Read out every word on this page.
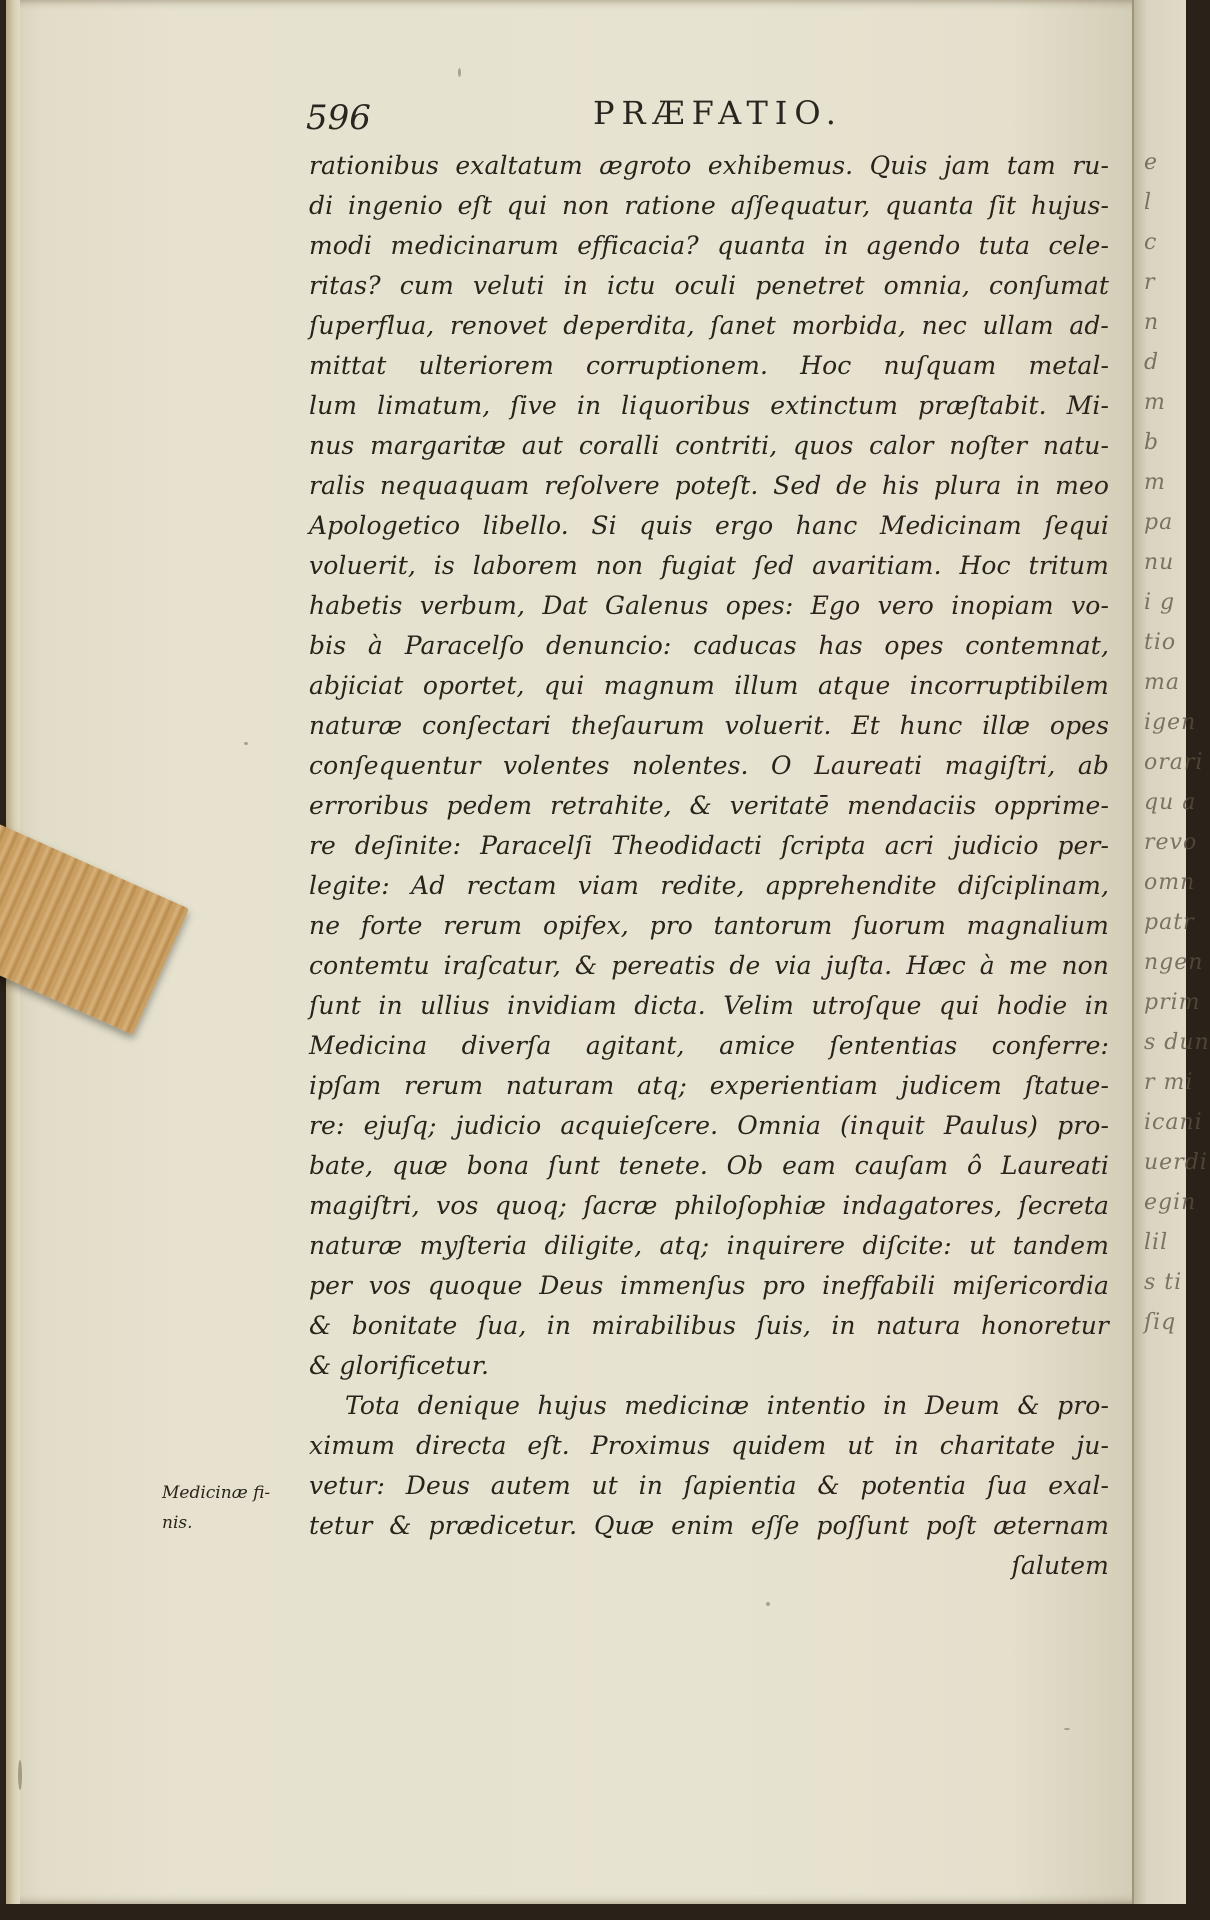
596	PRÆFATIO.
Medicinæ fi-
nis.
rationibus exaltatum ægroto exhibemus. Quis jam tam ru-
di ingenio eſt qui non ratione aſſequatur, quanta ſit hujus-
modi medicinarum efficacia? quanta in agendo tuta cele-
ritas? cum veluti in ictu oculi penetret omnia, conſumat
ſuperflua, renovet deperdita, ſanet morbida, nec ullam ad-
mittat ulteriorem corruptionem. Hoc nuſquam metal-
lum limatum, ſive in liquoribus extinctum præſtabit. Mi-
nus margaritæ aut coralli contriti, quos calor noſter natu-
ralis nequaquam reſolvere poteſt. Sed de his plura in meo
Apologetico libello. Si quis ergo hanc Medicinam ſequi
voluerit, is laborem non fugiat ſed avaritiam. Hoc tritum
habetis verbum, Dat Galenus opes: Ego vero inopiam vo-
bis à Paracelſo denuncio: caducas has opes contemnat,
abjiciat oportet, qui magnum illum atque incorruptibilem
naturæ conſectari theſaurum voluerit. Et hunc illæ opes
conſequentur volentes nolentes. O Laureati magiſtri, ab
erroribus pedem retrahite, & veritatē mendaciis opprime-
re deſinite: Paracelſi Theodidacti ſcripta acri judicio per-
legite: Ad rectam viam redite, apprehendite diſciplinam,
ne forte rerum opifex, pro tantorum ſuorum magnalium
contemtu iraſcatur, & pereatis de via juſta. Hæc à me non
ſunt in ullius invidiam dicta. Velim utroſque qui hodie in
Medicina diverſa agitant, amice ſententias conferre:
ipſam rerum naturam atq; experientiam judicem ſtatue-
re: ejuſq; judicio acquieſcere. Omnia (inquit Paulus) pro-
bate, quæ bona ſunt tenete. Ob eam cauſam ô Laureati
magiſtri, vos quoq; ſacræ philoſophiæ indagatores, ſecreta
naturæ myſteria diligite, atq; inquirere diſcite: ut tandem
per vos quoque Deus immenſus pro ineffabili miſericordia
& bonitate ſua, in mirabilibus ſuis, in natura honoretur
& glorificetur.
Tota denique hujus medicinæ intentio in Deum & pro-
ximum directa eſt. Proximus quidem ut in charitate ju-
vetur: Deus autem ut in ſapientia & potentia ſua exal-
tetur & prædicetur. Quæ enim eſſe poſſunt poſt æternam
ſalutem
e
l
c
r
n
d
m
b
m
pa
nu
i g
tio
ma
igen
orari
qu a
revo
omn
patr
ngen
prim
s dun
r mi
icani
uerdi
egin
lil
s ti
ſiq
